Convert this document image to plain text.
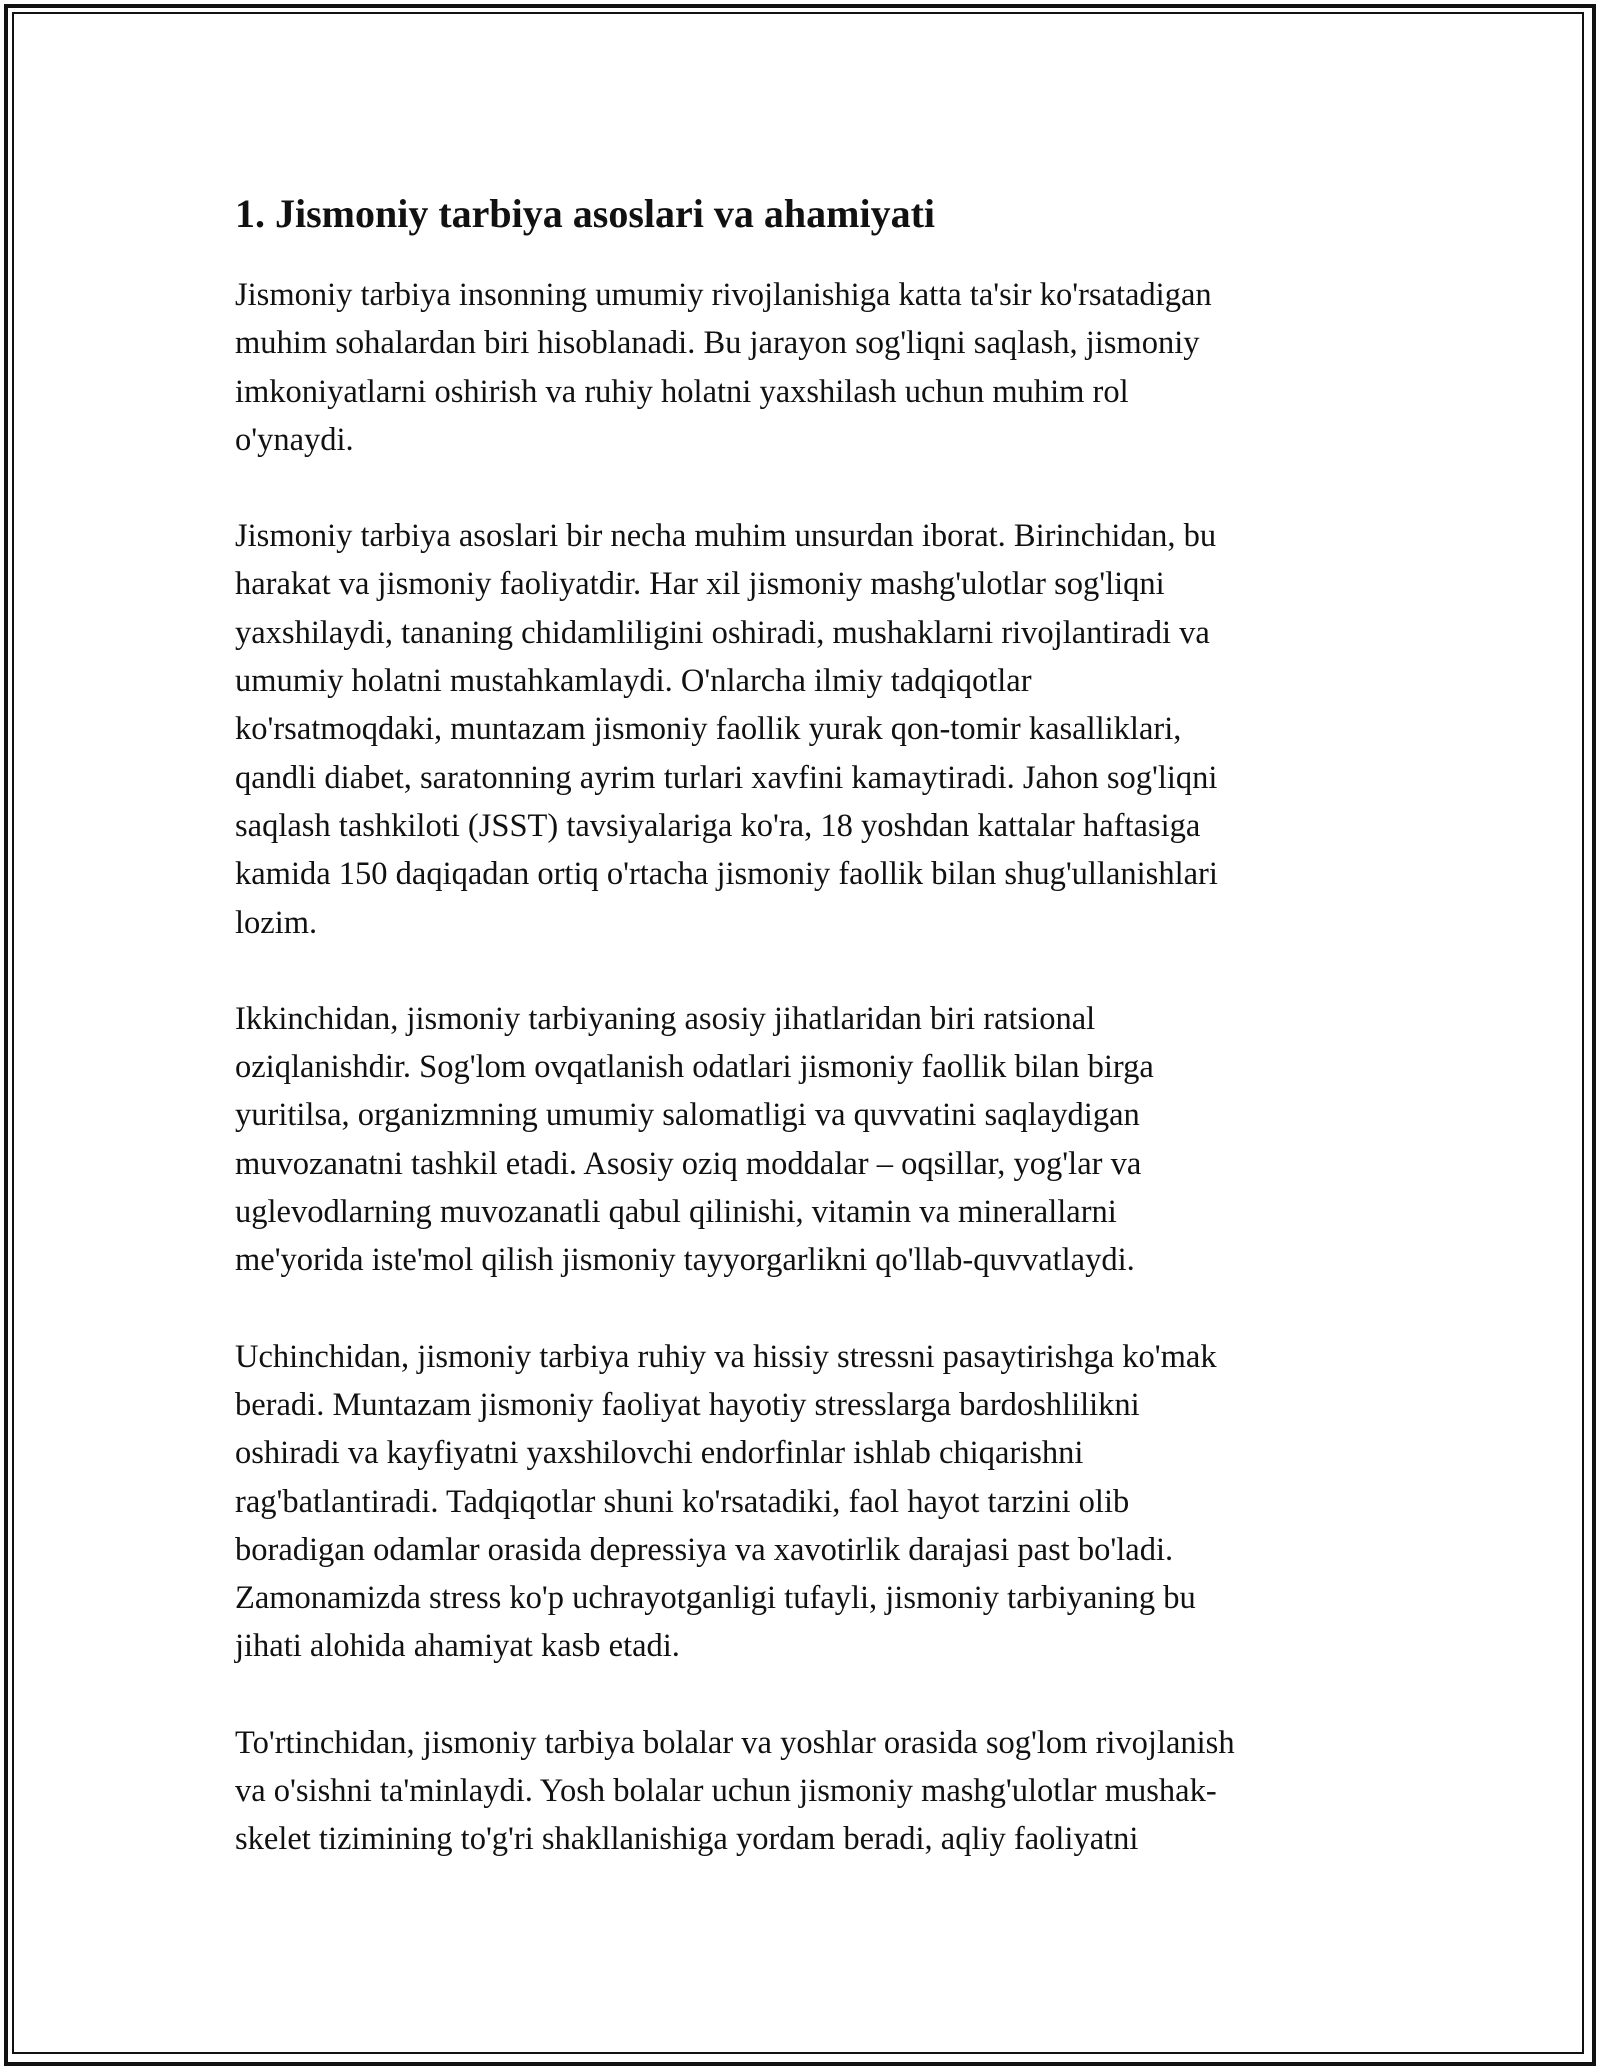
1. Jismoniy tarbiya asoslari va ahamiyati

Jismoniy tarbiya insonning umumiy rivojlanishiga katta ta'sir ko'rsatadigan
muhim sohalardan biri hisoblanadi. Bu jarayon sog'liqni saqlash, jismoniy
imkoniyatlarni oshirish va ruhiy holatni yaxshilash uchun muhim rol
o'ynaydi.

Jismoniy tarbiya asoslari bir necha muhim unsurdan iborat. Birinchidan, bu
harakat va jismoniy faoliyatdir. Har xil jismoniy mashg'ulotlar sog'liqni
yaxshilaydi, tananing chidamliligini oshiradi, mushaklarni rivojlantiradi va
umumiy holatni mustahkamlaydi. O'nlarcha ilmiy tadqiqotlar
ko'rsatmoqdaki, muntazam jismoniy faollik yurak qon-tomir kasalliklari,
qandli diabet, saratonning ayrim turlari xavfini kamaytiradi. Jahon sog'liqni
saqlash tashkiloti (JSST) tavsiyalariga ko'ra, 18 yoshdan kattalar haftasiga
kamida 150 daqiqadan ortiq o'rtacha jismoniy faollik bilan shug'ullanishlari
lozim.

Ikkinchidan, jismoniy tarbiyaning asosiy jihatlaridan biri ratsional
oziqlanishdir. Sog'lom ovqatlanish odatlari jismoniy faollik bilan birga
yuritilsa, organizmning umumiy salomatligi va quvvatini saqlaydigan
muvozanatni tashkil etadi. Asosiy oziq moddalar – oqsillar, yog'lar va
uglevodlarning muvozanatli qabul qilinishi, vitamin va minerallarni
me'yorida iste'mol qilish jismoniy tayyorgarlikni qo'llab-quvvatlaydi.

Uchinchidan, jismoniy tarbiya ruhiy va hissiy stressni pasaytirishga ko'mak
beradi. Muntazam jismoniy faoliyat hayotiy stresslarga bardoshlilikni
oshiradi va kayfiyatni yaxshilovchi endorfinlar ishlab chiqarishni
rag'batlantiradi. Tadqiqotlar shuni ko'rsatadiki, faol hayot tarzini olib
boradigan odamlar orasida depressiya va xavotirlik darajasi past bo'ladi.
Zamonamizda stress ko'p uchrayotganligi tufayli, jismoniy tarbiyaning bu
jihati alohida ahamiyat kasb etadi.

To'rtinchidan, jismoniy tarbiya bolalar va yoshlar orasida sog'lom rivojlanish
va o'sishni ta'minlaydi. Yosh bolalar uchun jismoniy mashg'ulotlar mushak-
skelet tizimining to'g'ri shakllanishiga yordam beradi, aqliy faoliyatni
